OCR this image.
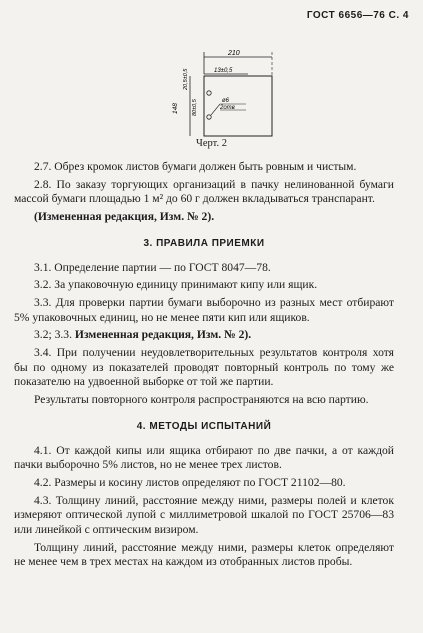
ГОСТ 6656—76 С. 4
210
13±0,5
148
20,5±0,5
80±0,5	ø6
2отв
Черт. 2

2.7. Обрез кромок листов бумаги должен быть ровным и чистым.

2.8. По заказу торгующих организаций в пачку нелинованной бумаги массой бумаги площадью 1 м² до 60 г должен вкладываться транспарант.

(Измененная редакция, Изм. № 2).

3. ПРАВИЛА ПРИЕМКИ

3.1. Определение партии — по ГОСТ 8047—78.

3.2. За упаковочную единицу принимают кипу или ящик.

3.3. Для проверки партии бумаги выборочно из разных мест отбирают 5% упаковочных единиц, но не менее пяти кип или ящиков.

3.2; 3.3. Измененная редакция, Изм. № 2).

3.4. При получении неудовлетворительных результатов контроля хотя бы по одному из показателей проводят повторный контроль по тому же показателю на удвоенной выборке от той же партии.

Результаты повторного контроля распространяются на всю партию.

4. МЕТОДЫ ИСПЫТАНИЙ

4.1. От каждой кипы или ящика отбирают по две пачки, а от каждой пачки выборочно 5% листов, но не менее трех листов.

4.2. Размеры и косину листов определяют по ГОСТ 21102—80.

4.3. Толщину линий, расстояние между ними, размеры полей и клеток измеряют оптической лупой с миллиметровой шкалой по ГОСТ 25706—83 или линейкой с оптическим визиром.

Толщину линий, расстояние между ними, размеры клеток определяют не менее чем в трех местах на каждом из отобранных листов пробы.
